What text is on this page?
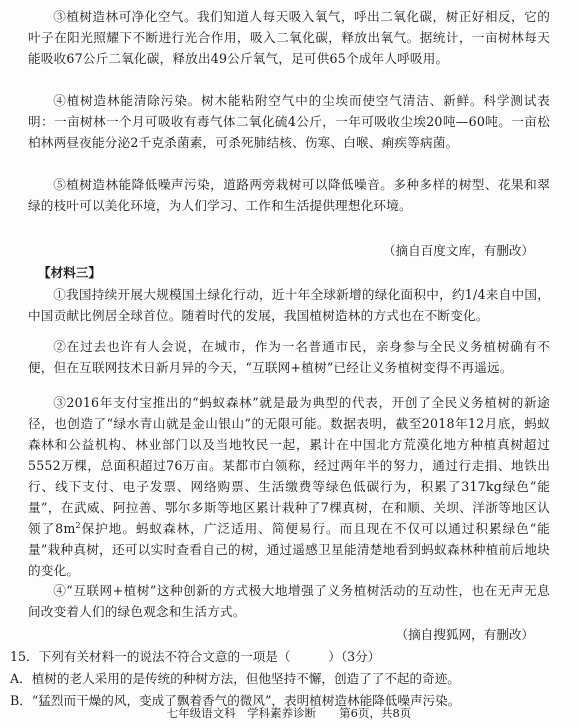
③植树造林可净化空气。我们知道人每天吸入氧气，呼出二氧化碳，树正好相反，它的叶子在阳光照耀下不断进行光合作用，吸入二氧化碳，释放出氧气。据统计，一亩树林每天能吸收67公斤二氧化碳，释放出49公斤氧气，足可供65个成年人呼吸用。

④植树造林能清除污染。树木能粘附空气中的尘埃而使空气清洁、新鲜。科学测试表明：一亩树林一个月可吸收有毒气体二氧化硫4公斤，一年可吸收尘埃20吨—60吨。一亩松柏林两昼夜能分泌2千克杀菌素，可杀死肺结核、伤寒、白喉、痢疾等病菌。

⑤植树造林能降低噪声污染，道路两旁栽树可以降低噪音。多种多样的树型、花果和翠绿的枝叶可以美化环境，为人们学习、工作和生活提供理想化环境。

（摘自百度文库，有删改）

【材料三】

①我国持续开展大规模国土绿化行动，近十年全球新增的绿化面积中，约1/4来自中国，中国贡献比例居全球首位。随着时代的发展，我国植树造林的方式也在不断变化。

②在过去也许有人会说，在城市，作为一名普通市民，亲身参与全民义务植树确有不便，但在互联网技术日新月异的今天，“互联网+植树”已经让义务植树变得不再遥远。

③2016年支付宝推出的“蚂蚁森林”就是最为典型的代表，开创了全民义务植树的新途径，也创造了“绿水青山就是金山银山”的无限可能。数据表明，截至2018年12月底，蚂蚁森林和公益机构、林业部门以及当地牧民一起，累计在中国北方荒漠化地方种植真树超过5552万棵，总面积超过76万亩。某都市白领称，经过两年半的努力，通过行走捐、地铁出行、线下支付、电子发票、网络购票、生活缴费等绿色低碳行为，积累了317kg绿色“能量”，在武威、阿拉善、鄂尔多斯等地区累计栽种了7棵真树，在和顺、关坝、洋浙等地区认领了$8m^2$保护地。蚂蚁森林，广泛适用、简便易行。而且现在不仅可以通过积累绿色“能量”栽种真树，还可以实时查看自己的树，通过遥感卫星能清楚地看到蚂蚁森林种植前后地块的变化。

④“互联网+植树”这种创新的方式极大地增强了义务植树活动的互动性，也在无声无息间改变着人们的绿色观念和生活方式。

（摘自搜狐网，有删改）

15．下列有关材料一的说法不符合文意的一项是（　　　）（3分）

A．植树的老人采用的是传统的种树方法，但他坚持不懈，创造了了不起的奇迹。

B．“猛烈而干燥的风，变成了飘着香气的微风”，表明植树造林能降低噪声污染。

七年级语文科　学科素养诊断　　第6页，共8页
